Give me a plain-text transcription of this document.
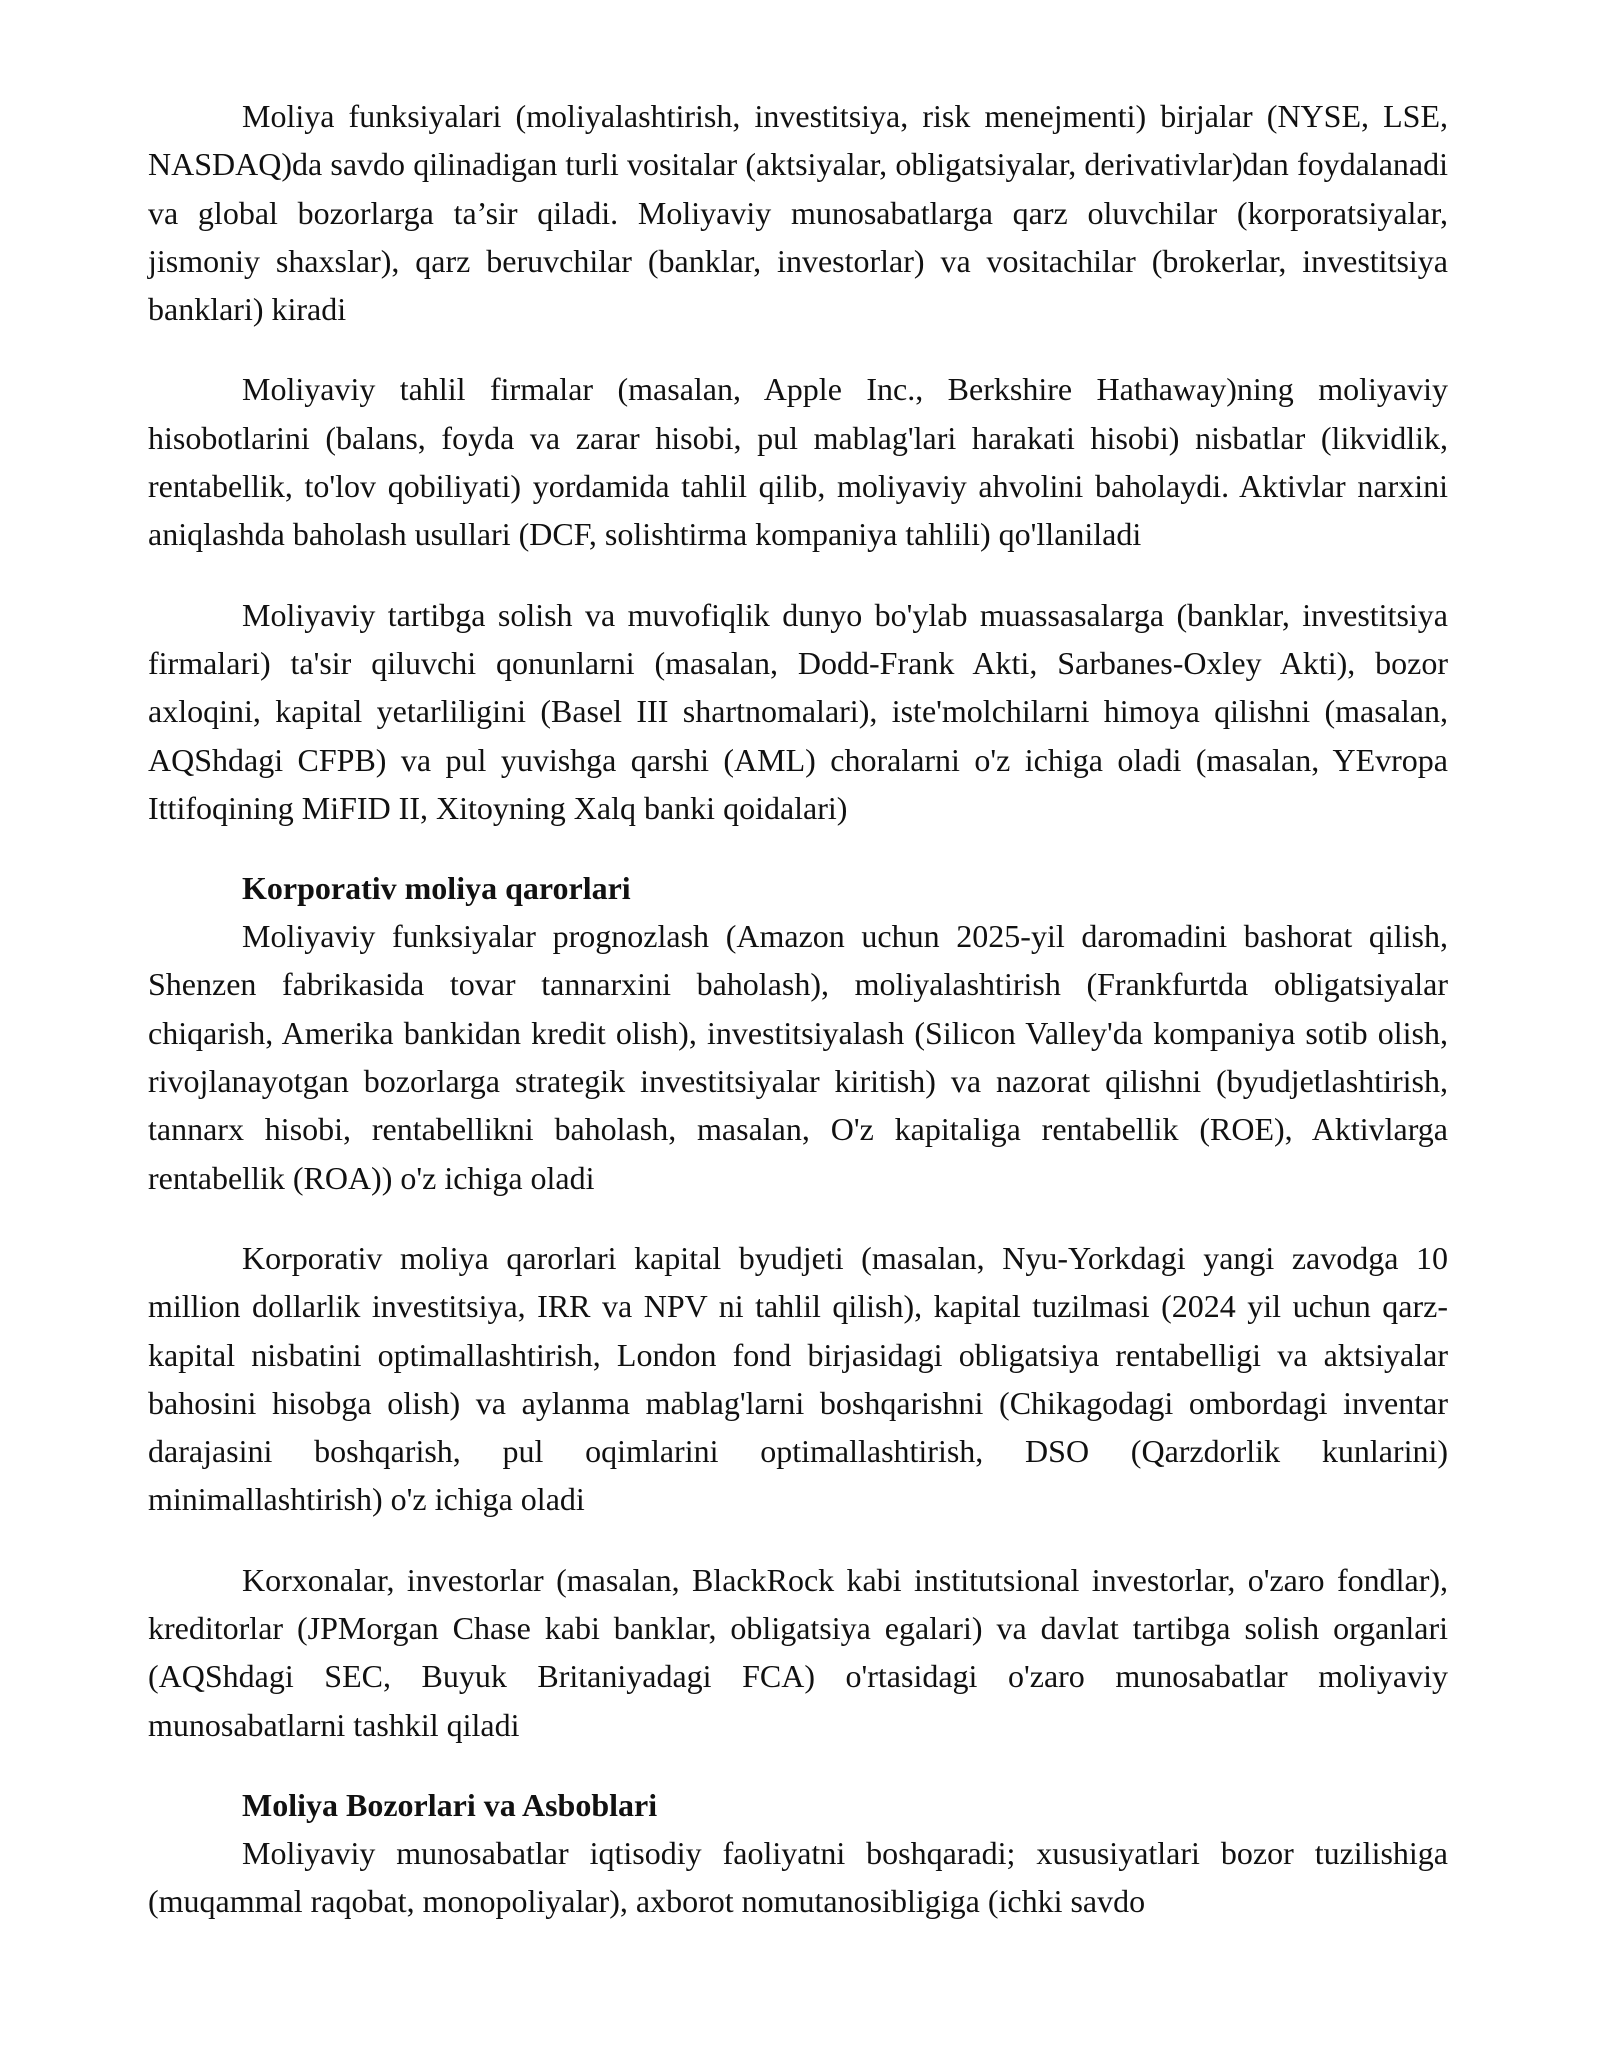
Moliya funksiyalari (moliyalashtirish, investitsiya, risk menejmenti) birjalar (NYSE, LSE, NASDAQ)da savdo qilinadigan turli vositalar (aktsiyalar, obligatsiyalar, derivativlar)dan foydalanadi va global bozorlarga ta’sir qiladi. Moliyaviy munosabatlarga qarz oluvchilar (korporatsiyalar, jismoniy shaxslar), qarz beruvchilar (banklar, investorlar) va vositachilar (brokerlar, investitsiya banklari) kiradi

Moliyaviy tahlil firmalar (masalan, Apple Inc., Berkshire Hathaway)ning moliyaviy hisobotlarini (balans, foyda va zarar hisobi, pul mablag'lari harakati hisobi) nisbatlar (likvidlik, rentabellik, to'lov qobiliyati) yordamida tahlil qilib, moliyaviy ahvolini baholaydi. Aktivlar narxini aniqlashda baholash usullari (DCF, solishtirma kompaniya tahlili) qo'llaniladi

Moliyaviy tartibga solish va muvofiqlik dunyo bo'ylab muassasalarga (banklar, investitsiya firmalari) ta'sir qiluvchi qonunlarni (masalan, Dodd-Frank Akti, Sarbanes-Oxley Akti), bozor axloqini, kapital yetarliligini (Basel III shartnomalari), iste'molchilarni himoya qilishni (masalan, AQShdagi CFPB) va pul yuvishga qarshi (AML) choralarni o'z ichiga oladi (masalan, YEvropa Ittifoqining MiFID II, Xitoyning Xalq banki qoidalari)

Korporativ moliya qarorlari

Moliyaviy funksiyalar prognozlash (Amazon uchun 2025-yil daromadini bashorat qilish, Shenzen fabrikasida tovar tannarxini baholash), moliyalashtirish (Frankfurtda obligatsiyalar chiqarish, Amerika bankidan kredit olish), investitsiyalash (Silicon Valley'da kompaniya sotib olish, rivojlanayotgan bozorlarga strategik investitsiyalar kiritish) va nazorat qilishni (byudjetlashtirish, tannarx hisobi, rentabellikni baholash, masalan, O'z kapitaliga rentabellik (ROE), Aktivlarga rentabellik (ROA)) o'z ichiga oladi

Korporativ moliya qarorlari kapital byudjeti (masalan, Nyu-Yorkdagi yangi zavodga 10 million dollarlik investitsiya, IRR va NPV ni tahlil qilish), kapital tuzilmasi (2024 yil uchun qarz-kapital nisbatini optimallashtirish, London fond birjasidagi obligatsiya rentabelligi va aktsiyalar bahosini hisobga olish) va aylanma mablag'larni boshqarishni (Chikagodagi ombordagi inventar darajasini boshqarish, pul oqimlarini optimallashtirish, DSO (Qarzdorlik kunlarini) minimallashtirish) o'z ichiga oladi

Korxonalar, investorlar (masalan, BlackRock kabi institutsional investorlar, o'zaro fondlar), kreditorlar (JPMorgan Chase kabi banklar, obligatsiya egalari) va davlat tartibga solish organlari (AQShdagi SEC, Buyuk Britaniyadagi FCA) o'rtasidagi o'zaro munosabatlar moliyaviy munosabatlarni tashkil qiladi

Moliya Bozorlari va Asboblari

Moliyaviy munosabatlar iqtisodiy faoliyatni boshqaradi; xususiyatlari bozor tuzilishiga (muqammal raqobat, monopoliyalar), axborot nomutanosibligiga (ichki savdo
